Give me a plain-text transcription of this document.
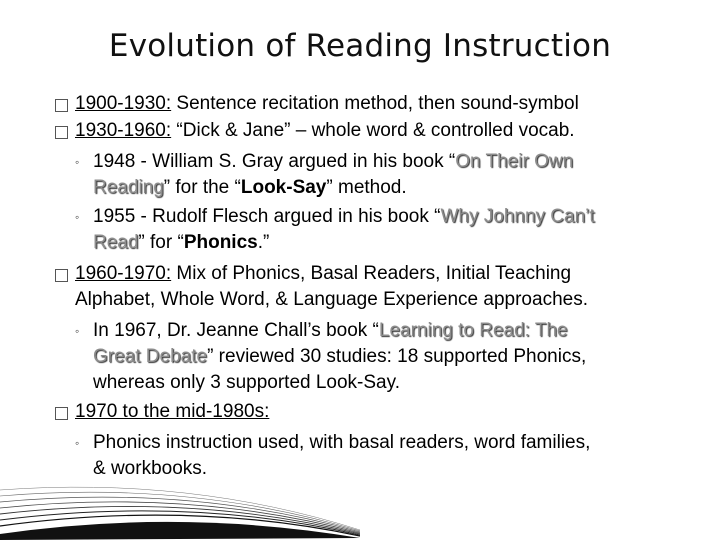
Evolution of Reading Instruction
1900-1930: Sentence recitation method, then sound-symbol
1930-1960: “Dick & Jane” – whole word & controlled vocab.
◦ 1948 - William S. Gray argued in his book “On Their Own
Reading” for the “Look-Say” method.
◦ 1955 - Rudolf Flesch argued in his book “Why Johnny Can’t
Read” for “Phonics.”
1960-1970: Mix of Phonics, Basal Readers, Initial Teaching
Alphabet, Whole Word, & Language Experience approaches.
◦ In 1967, Dr. Jeanne Chall’s book “Learning to Read: The
Great Debate” reviewed 30 studies: 18 supported Phonics,
whereas only 3 supported Look-Say.
1970 to the mid-1980s:
◦ Phonics instruction used, with basal readers, word families,
& workbooks.
